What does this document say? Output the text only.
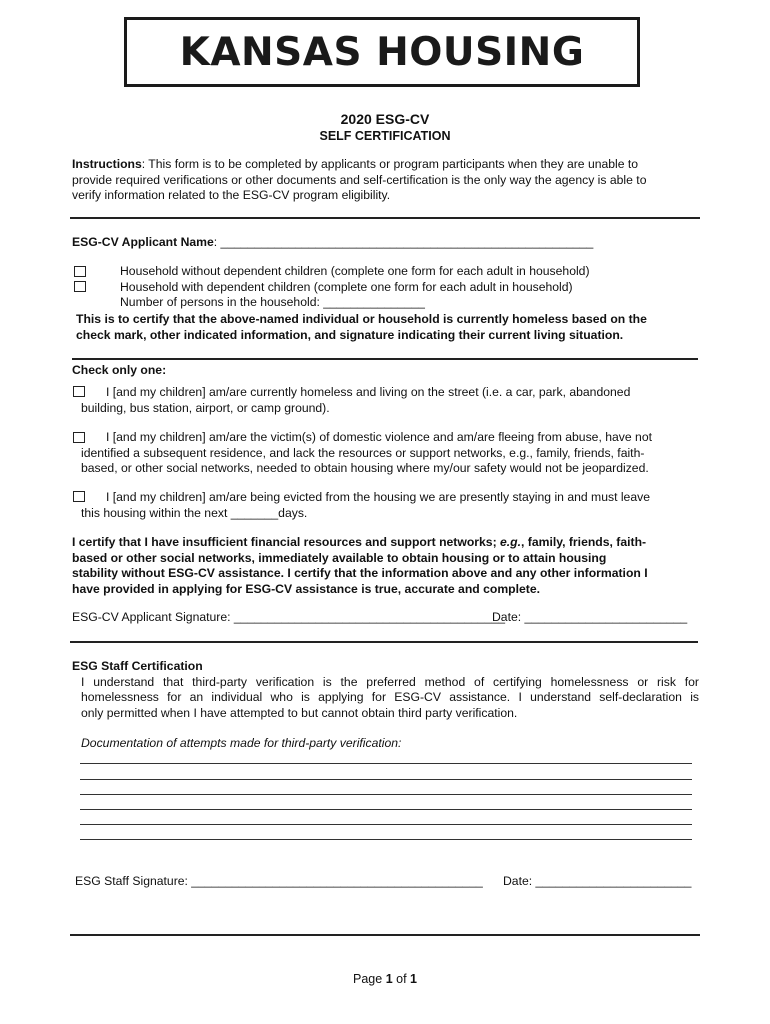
KANSAS HOUSING
2020 ESG-CV
SELF CERTIFICATION
Instructions: This form is to be completed by applicants or program participants when they are unable to
provide required verifications or other documents and self-certification is the only way the agency is able to
verify information related to the ESG-CV program eligibility.
ESG-CV Applicant Name: _______________________________________________________
Household without dependent children (complete one form for each adult in household)
Household with dependent children (complete one form for each adult in household)
Number of persons in the household: _______________
This is to certify that the above-named individual or household is currently homeless based on the
check mark, other indicated information, and signature indicating their current living situation.
Check only one:
I [and my children] am/are currently homeless and living on the street (i.e. a car, park, abandoned
building, bus station, airport, or camp ground).
I [and my children] am/are the victim(s) of domestic violence and am/are fleeing from abuse, have not
identified a subsequent residence, and lack the resources or support networks, e.g., family, friends, faith-
based, or other social networks, needed to obtain housing where my/our safety would not be jeopardized.
I [and my children] am/are being evicted from the housing we are presently staying in and must leave
this housing within the next _______days.
I certify that I have insufficient financial resources and support networks; e.g., family, friends, faith-
based or other social networks, immediately available to obtain housing or to attain housing
stability without ESG-CV assistance. I certify that the information above and any other information I
have provided in applying for ESG-CV assistance is true, accurate and complete.
ESG-CV Applicant Signature: ________________________________________
Date: ________________________
ESG Staff Certification
I understand that third-party verification is the preferred method of certifying homelessness or risk for
homelessness for an individual who is applying for ESG-CV assistance. I understand self-declaration is
only permitted when I have attempted to but cannot obtain third party verification.
Documentation of attempts made for third-party verification:
ESG Staff Signature: ___________________________________________ Date: _______________________
Page 1 of 1
